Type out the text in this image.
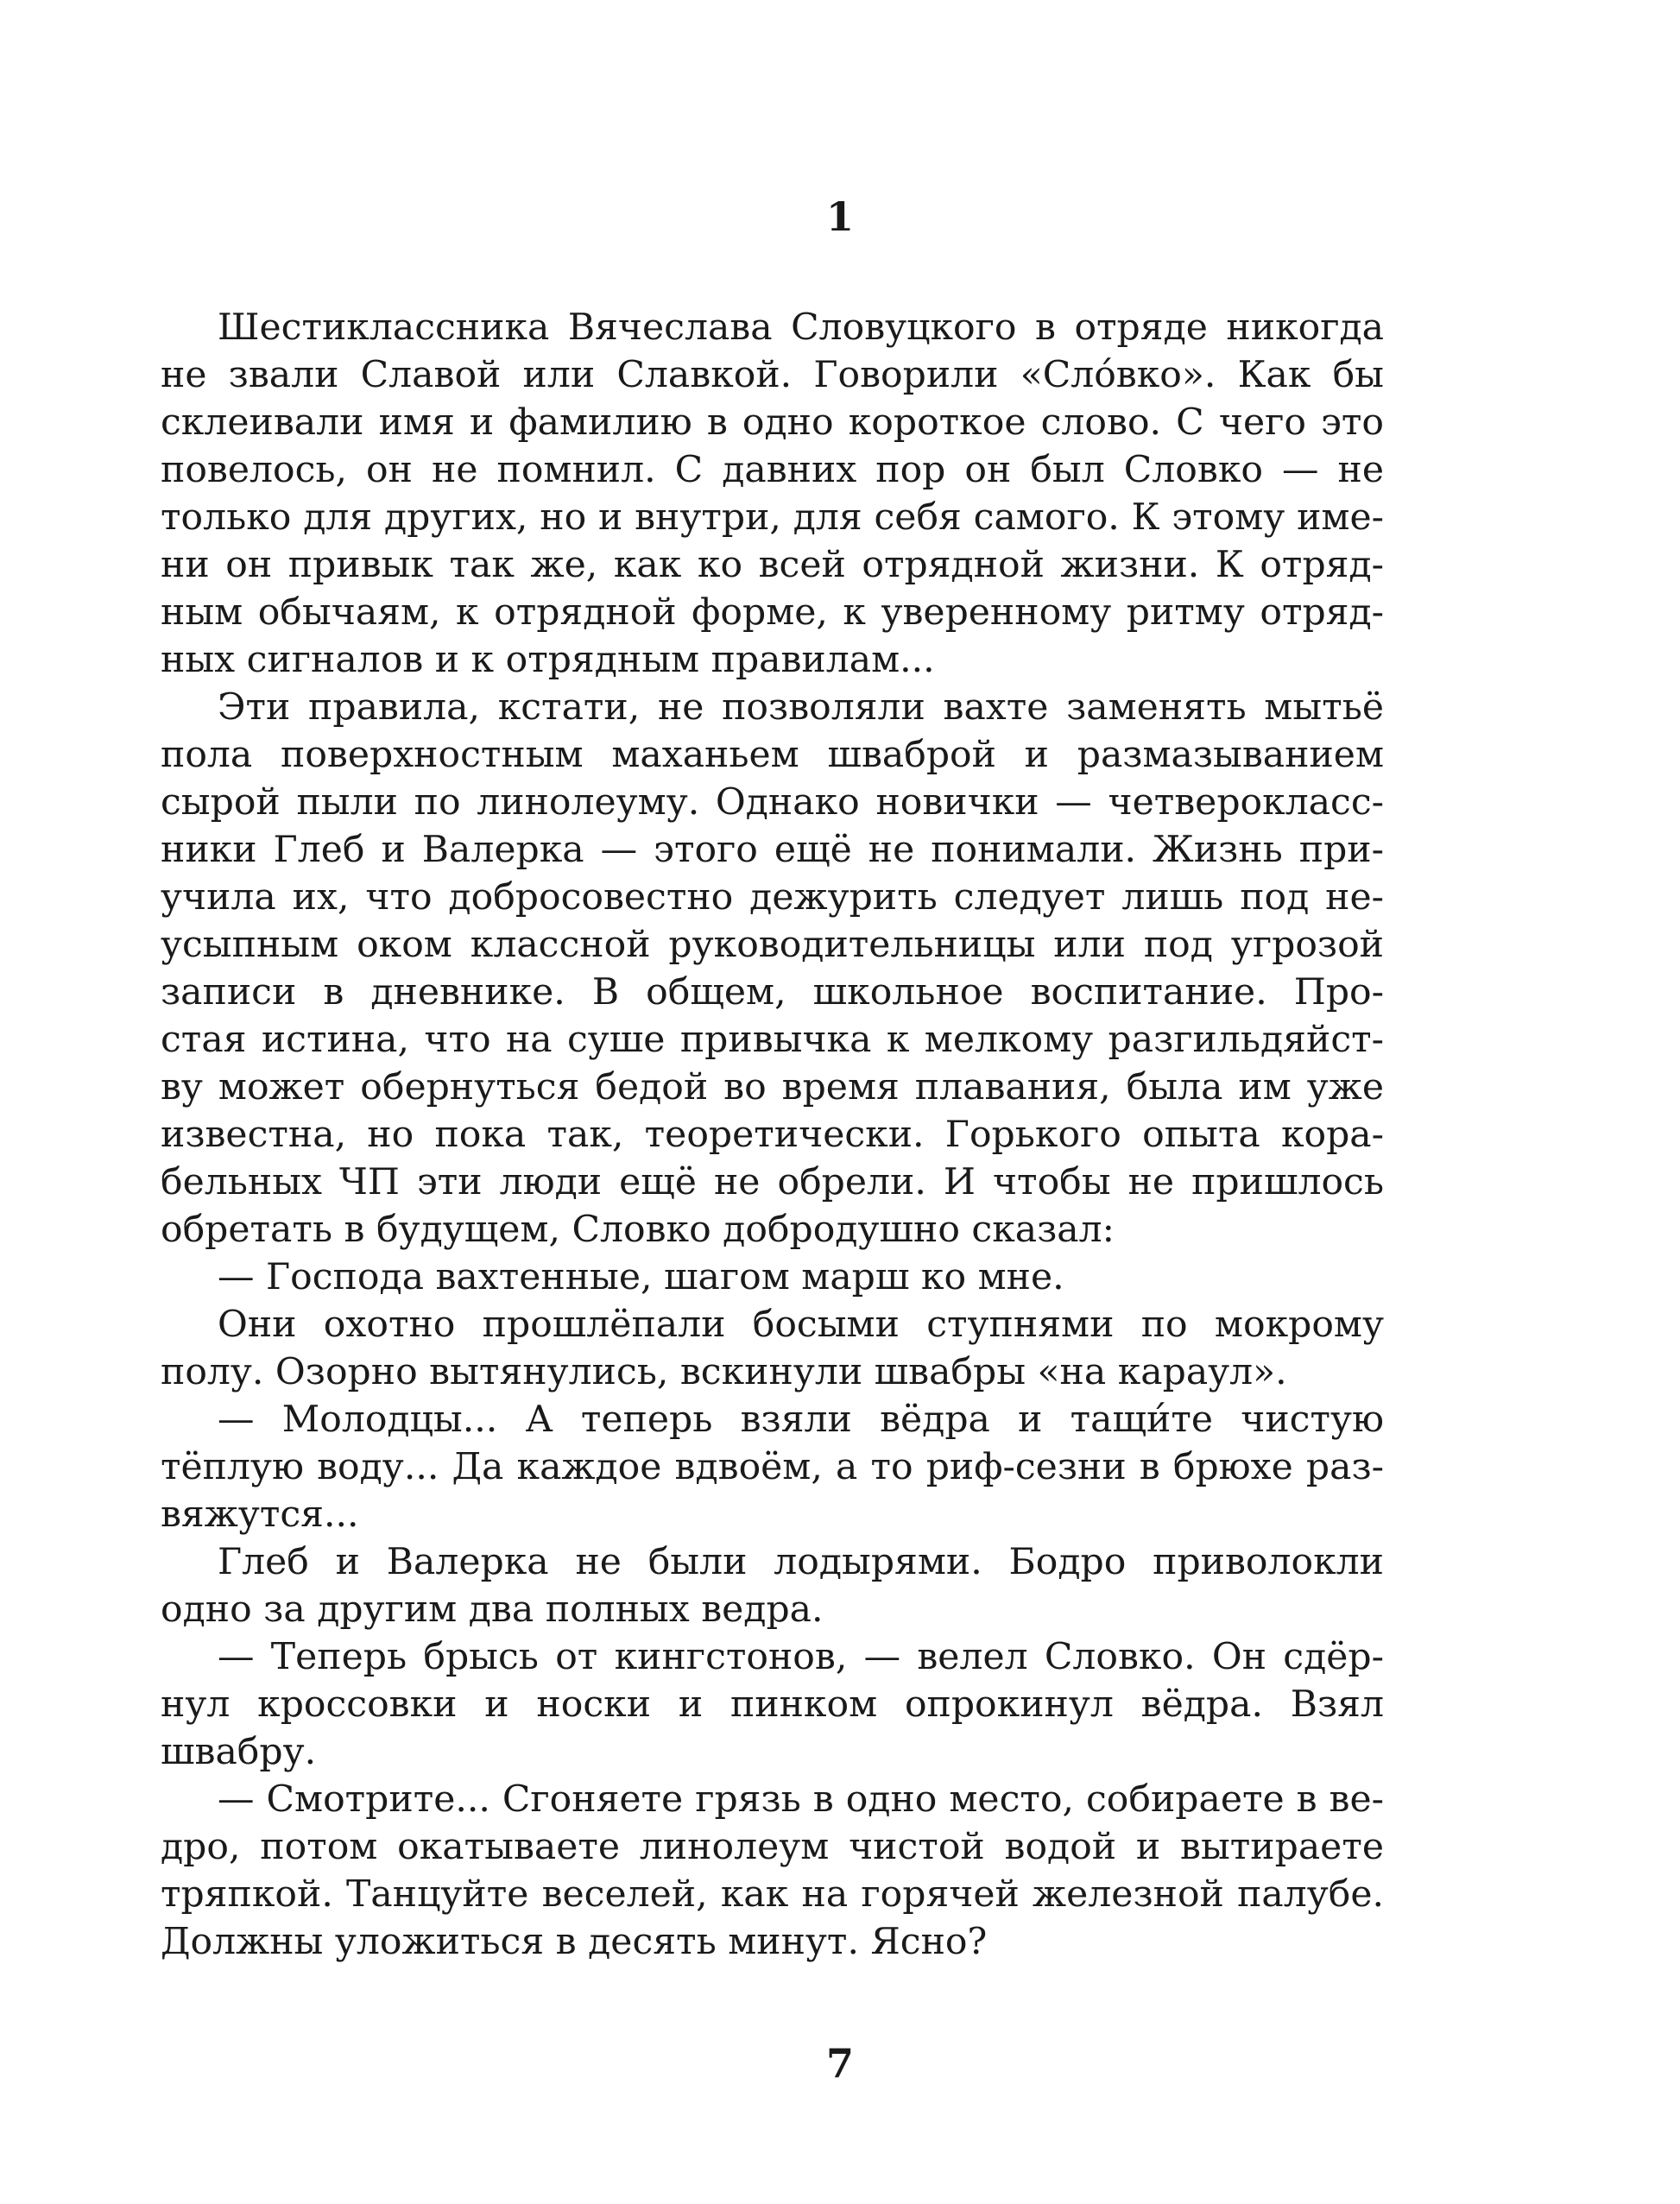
1
Шестиклассника Вячеслава Словуцкого в отряде никогда
не звали Славой или Славкой. Говорили «Сло́вко». Как бы
склеивали имя и фамилию в одно короткое слово. С чего это
повелось, он не помнил. С давних пор он был Словко — не
только для других, но и внутри, для себя самого. К этому име-
ни он привык так же, как ко всей отрядной жизни. К отряд-
ным обычаям, к отрядной форме, к уверенному ритму отряд-
ных сигналов и к отрядным правилам...
Эти правила, кстати, не позволяли вахте заменять мытьё
пола поверхностным маханьем шваброй и размазыванием
сырой пыли по линолеуму. Однако новички — четверокласс-
ники Глеб и Валерка — этого ещё не понимали. Жизнь при-
учила их, что добросовестно дежурить следует лишь под не-
усыпным оком классной руководительницы или под угрозой
записи в дневнике. В общем, школьное воспитание. Про-
стая истина, что на суше привычка к мелкому разгильдяйст-
ву может обернуться бедой во время плавания, была им уже
известна, но пока так, теоретически. Горького опыта кора-
бельных ЧП эти люди ещё не обрели. И чтобы не пришлось
обретать в будущем, Словко добродушно сказал:
— Господа вахтенные, шагом марш ко мне.
Они охотно прошлёпали босыми ступнями по мокрому
полу. Озорно вытянулись, вскинули швабры «на караул».
— Молодцы... А теперь взяли вёдра и тащи́те чистую
тёплую воду... Да каждое вдвоём, а то риф-сезни в брюхе раз-
вяжутся...
Глеб и Валерка не были лодырями. Бодро приволокли
одно за другим два полных ведра.
— Теперь брысь от кингстонов, — велел Словко. Он сдёр-
нул кроссовки и носки и пинком опрокинул вёдра. Взял
швабру.
— Смотрите... Сгоняете грязь в одно место, собираете в ве-
дро, потом окатываете линолеум чистой водой и вытираете
тряпкой. Танцуйте веселей, как на горячей железной палубе.
Должны уложиться в десять минут. Ясно?
7
